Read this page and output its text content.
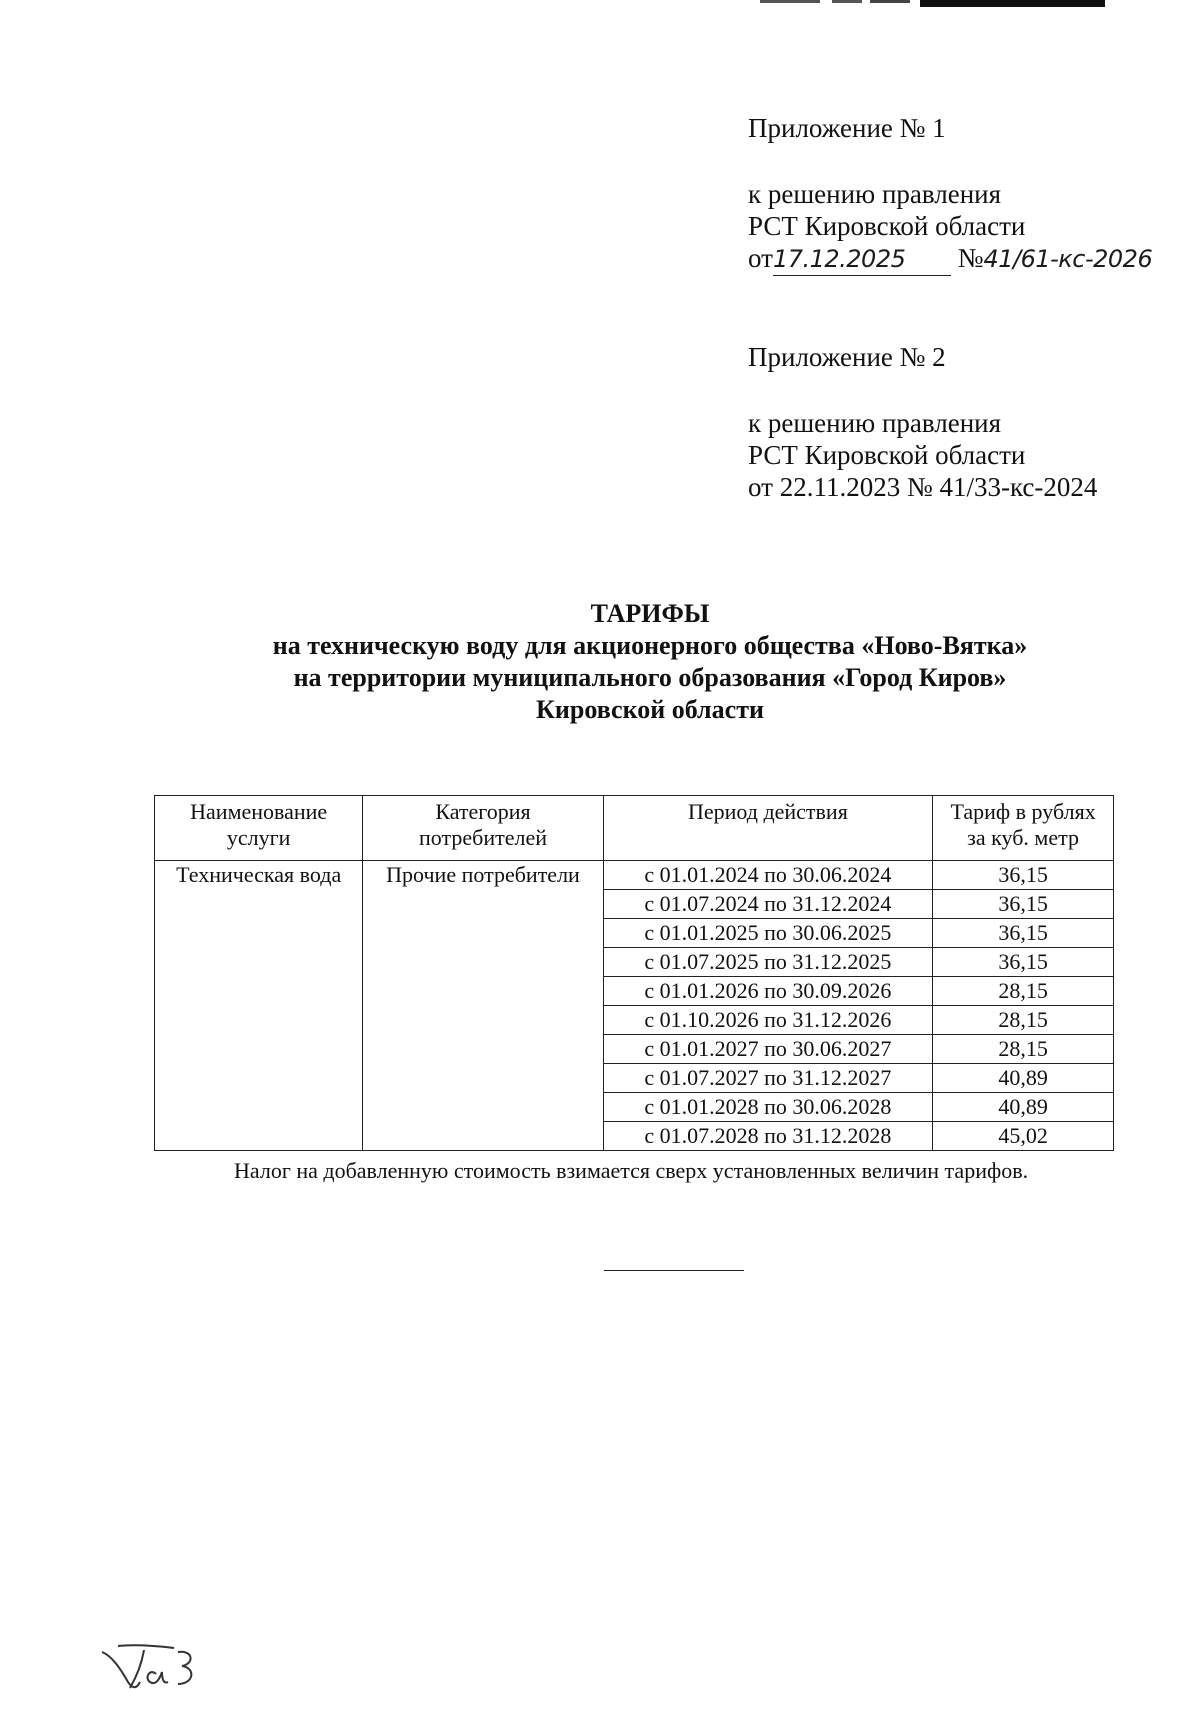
Приложение № 1

к решению правления

РСТ Кировской области

от17.12.2025 №41/61-кс-2026

Приложение № 2

к решению правления

РСТ Кировской области

от 22.11.2023 № 41/33-кс-2024

ТАРИФЫ
на техническую воду для акционерного общества «Ново-Вятка»
на территории муниципального образования «Город Киров»
Кировской области
Наименование услуги	Категория потребителей	Период действия	Тариф в рублях за куб. метр
Техническая вода	Прочие потребители	с 01.01.2024 по 30.06.2024	36,15
		с 01.07.2024 по 31.12.2024	36,15
		с 01.01.2025 по 30.06.2025	36,15
		с 01.07.2025 по 31.12.2025	36,15
		с 01.01.2026 по 30.09.2026	28,15
		с 01.10.2026 по 31.12.2026	28,15
		с 01.01.2027 по 30.06.2027	28,15
		с 01.07.2027 по 31.12.2027	40,89
		с 01.01.2028 по 30.06.2028	40,89
		с 01.07.2028 по 31.12.2028	45,02

Налог на добавленную стоимость взимается сверх установленных величин тарифов.
